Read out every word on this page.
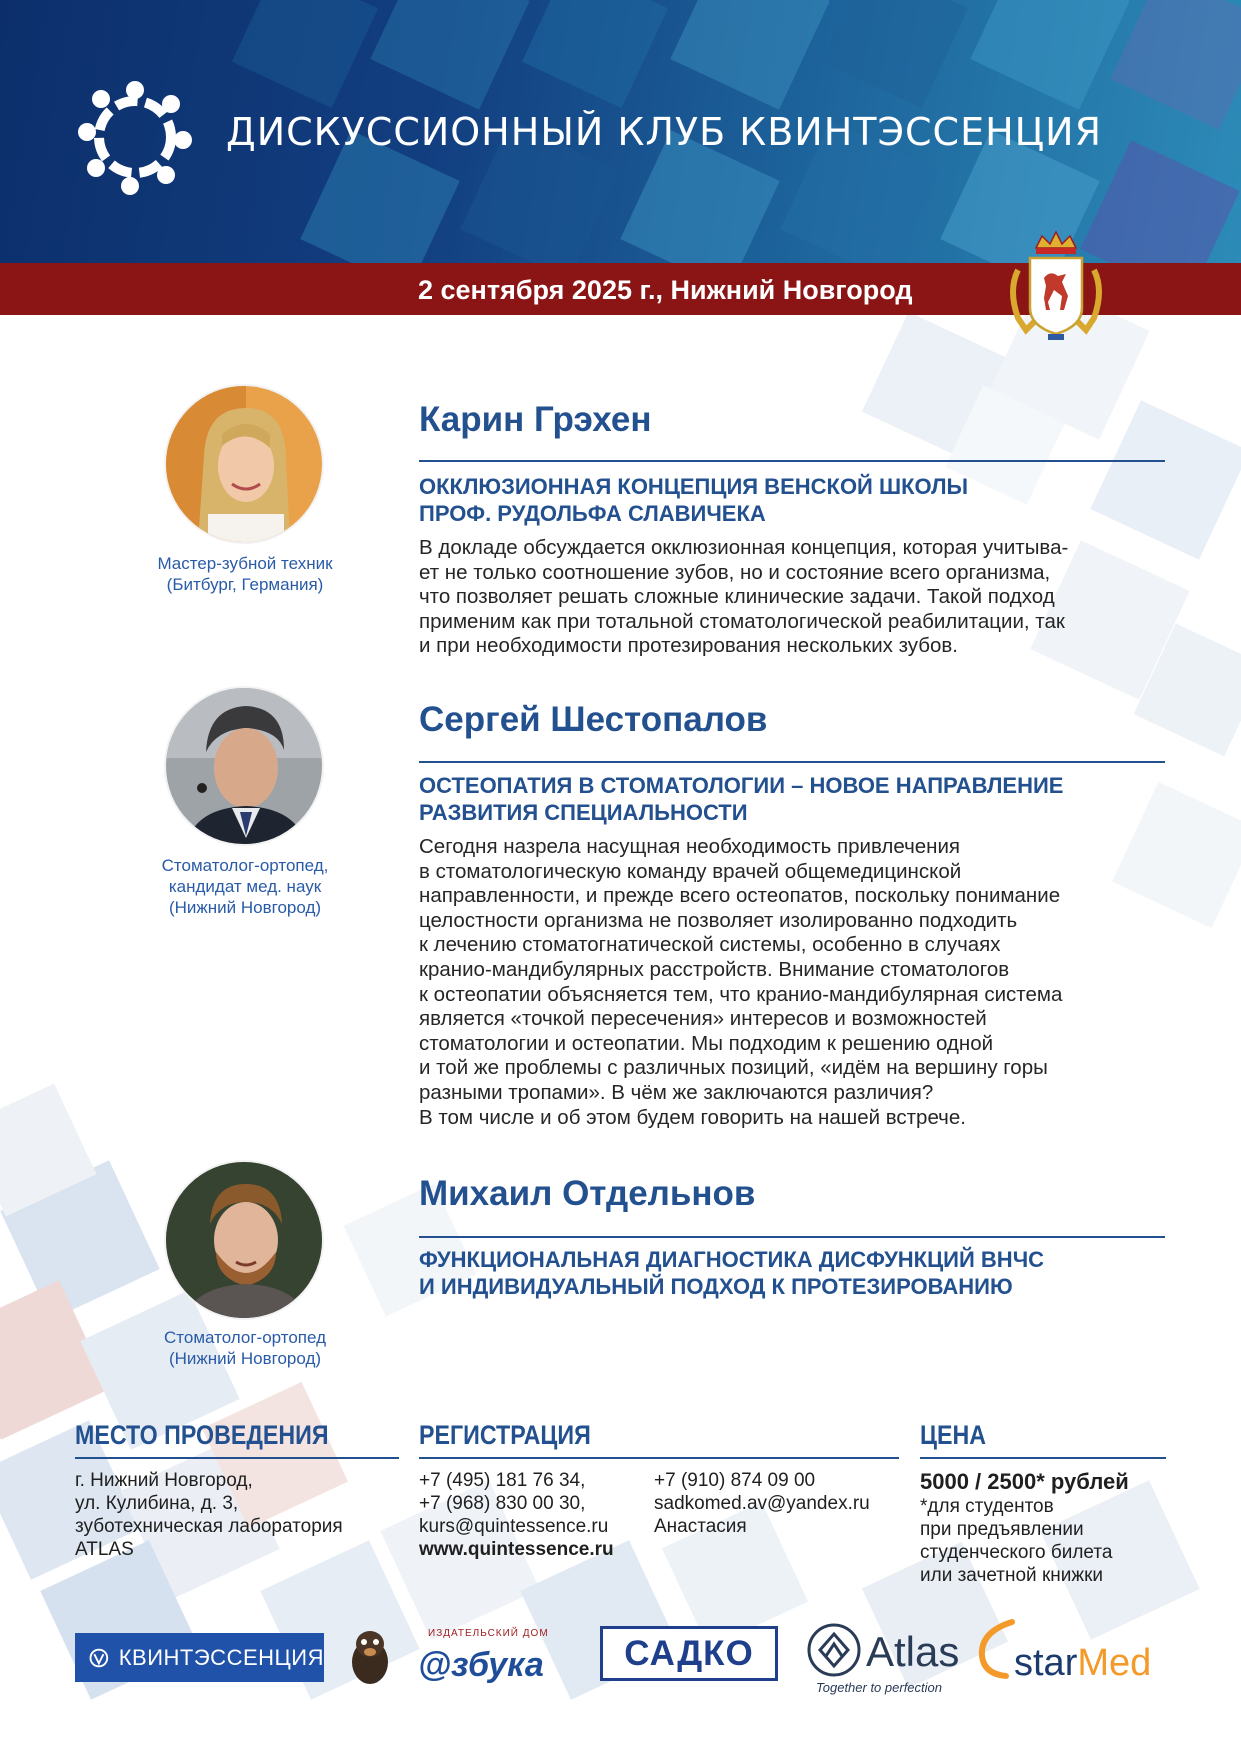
ДИСКУССИОННЫЙ КЛУБ КВИНТЭССЕНЦИЯ
2 сентября 2025 г., Нижний Новгород
Мастер-зубной техник
(Битбург, Германия)
Карин Грэхен
ОККЛЮЗИОННАЯ КОНЦЕПЦИЯ ВЕНСКОЙ ШКОЛЫ
ПРОФ. РУДОЛЬФА СЛАВИЧЕКА
В докладе обсуждается окклюзионная концепция, которая учитыва-
ет не только соотношение зубов, но и состояние всего организма,
что позволяет решать сложные клинические задачи. Такой подход
применим как при тотальной стоматологической реабилитации, так
и при необходимости протезирования нескольких зубов.
Стоматолог-ортопед,
кандидат мед. наук
(Нижний Новгород)
Сергей Шестопалов
ОСТЕОПАТИЯ В СТОМАТОЛОГИИ – НОВОЕ НАПРАВЛЕНИЕ
РАЗВИТИЯ СПЕЦИАЛЬНОСТИ
Сегодня назрела насущная необходимость привлечения
в стоматологическую команду врачей общемедицинской
направленности, и прежде всего остеопатов, поскольку понимание
целостности организма не позволяет изолированно подходить
к лечению стоматогнатической системы, особенно в случаях
кранио-мандибулярных расстройств. Внимание стоматологов
к остеопатии объясняется тем, что кранио-мандибулярная система
является «точкой пересечения» интересов и возможностей
стоматологии и остеопатии. Мы подходим к решению одной
и той же проблемы с различных позиций, «идём на вершину горы
разными тропами». В чём же заключаются различия?
В том числе и об этом будем говорить на нашей встрече.
Стоматолог-ортопед
(Нижний Новгород)
Михаил Отдельнов
ФУНКЦИОНАЛЬНАЯ ДИАГНОСТИКА ДИСФУНКЦИЙ ВНЧС
И ИНДИВИДУАЛЬНЫЙ ПОДХОД К ПРОТЕЗИРОВАНИЮ
МЕСТО ПРОВЕДЕНИЯ
г. Нижний Новгород,
ул. Кулибина, д. 3,
зуботехническая лаборатория
ATLAS
РЕГИСТРАЦИЯ
+7 (495) 181 76 34,
+7 (968) 830 00 30,
kurs@quintessence.ru
www.quintessence.ru
+7 (910) 874 09 00
sadkomed.av@yandex.ru
Анастасия
ЦЕНА
5000 / 2500* рублей
*для студентов
при предъявлении
студенческого билета
или зачетной книжки
КВИНТЭССЕНЦИЯ
ИЗДАТЕЛЬСКИЙ ДОМ
@збука	САДКО	Atlas
Together to perfection
starMed
